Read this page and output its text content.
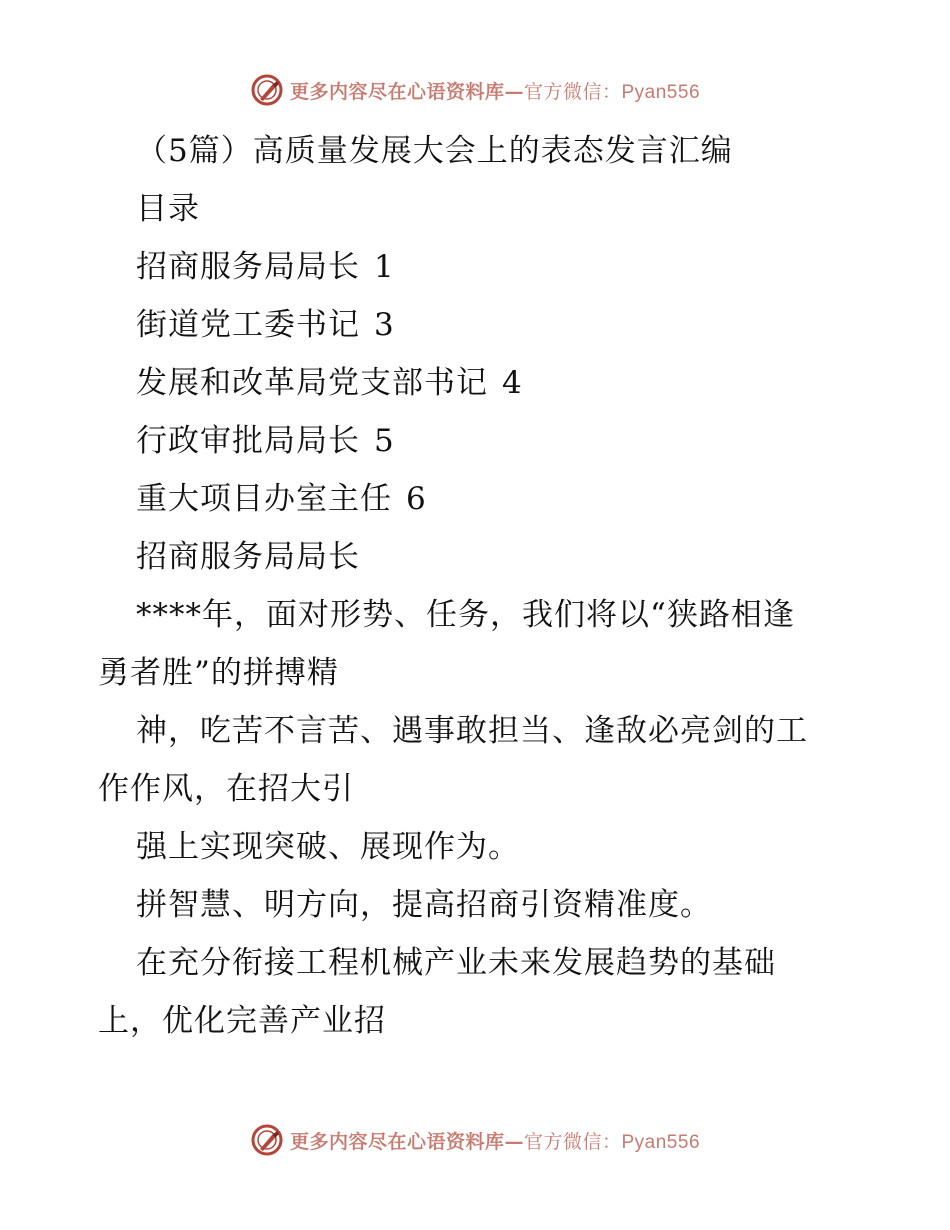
更多内容尽在心语资料库—官方微信：Pyan556
（5篇）高质量发展大会上的表态发言汇编
目录
招商服务局局长 1
街道党工委书记 3
发展和改革局党支部书记 4
行政审批局局长 5
重大项目办室主任 6
招商服务局局长
****年，面对形势、任务，我们将以“狭路相逢
勇者胜”的拼搏精
神，吃苦不言苦、遇事敢担当、逢敌必亮剑的工
作作风，在招大引
强上实现突破、展现作为。
拼智慧、明方向，提高招商引资精准度。
在充分衔接工程机械产业未来发展趋势的基础
上，优化完善产业招
更多内容尽在心语资料库—官方微信：Pyan556
